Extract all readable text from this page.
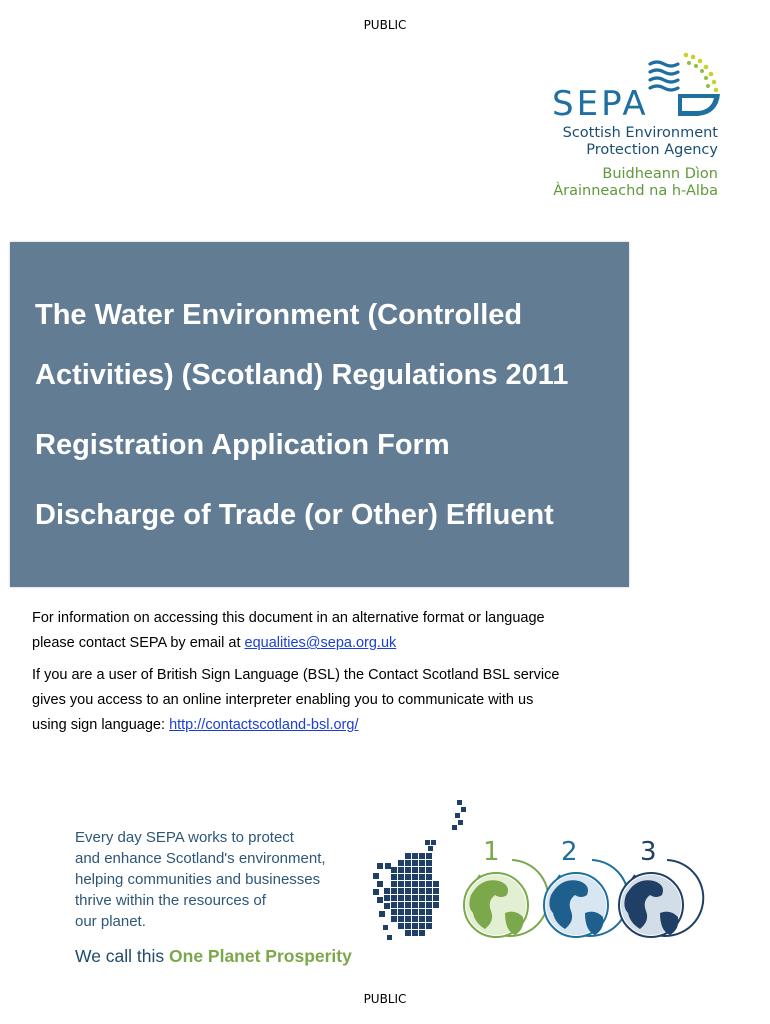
PUBLIC
SEPA
Scottish Environment
Protection Agency
Buidheann Dìon
Àrainneachd na h-Alba
The Water Environment (Controlled
Activities) (Scotland) Regulations 2011
Registration Application Form
Discharge of Trade (or Other) Effluent
For information on accessing this document in an alternative format or language
please contact SEPA by email at equalities@sepa.org.uk
If you are a user of British Sign Language (BSL) the Contact Scotland BSL service
gives you access to an online interpreter enabling you to communicate with us
using sign language: http://contactscotland-bsl.org/
Every day SEPA works to protect
and enhance Scotland's environment,
helping communities and businesses
thrive within the resources of
our planet.
We call this One Planet Prosperity
1 2 3
PUBLIC
